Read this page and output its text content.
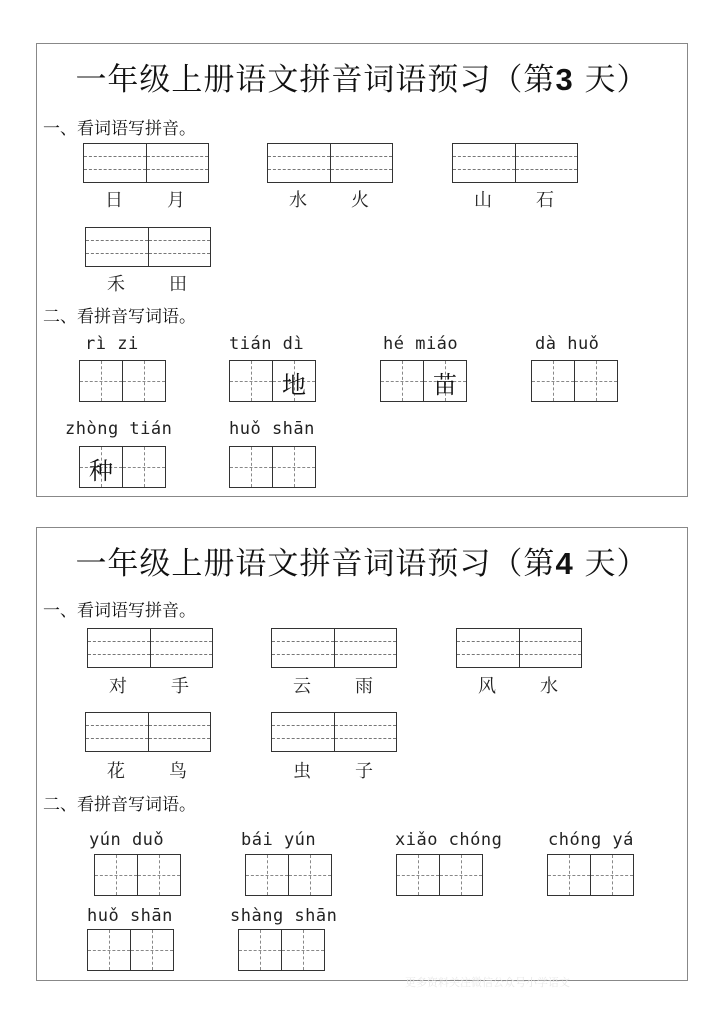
一年级上册语文拼音词语预习（第3 天）
一、看词语写拼音。
日 月	水 火	山 石
禾 田
二、看拼音写词语。
rì zi	tián dì
地
hé miáo
苗
dà huǒ
zhòng tián
种
huǒ shān
一年级上册语文拼音词语预习（第4 天）
一、看词语写拼音。
对 手	云 雨	风 水
花 鸟	虫 子
二、看拼音写词语。
yún duǒ	bái yún	xiǎo chóng	chóng yá
huǒ shān	shàng shān
更多资料关注微信公众号小学语文
